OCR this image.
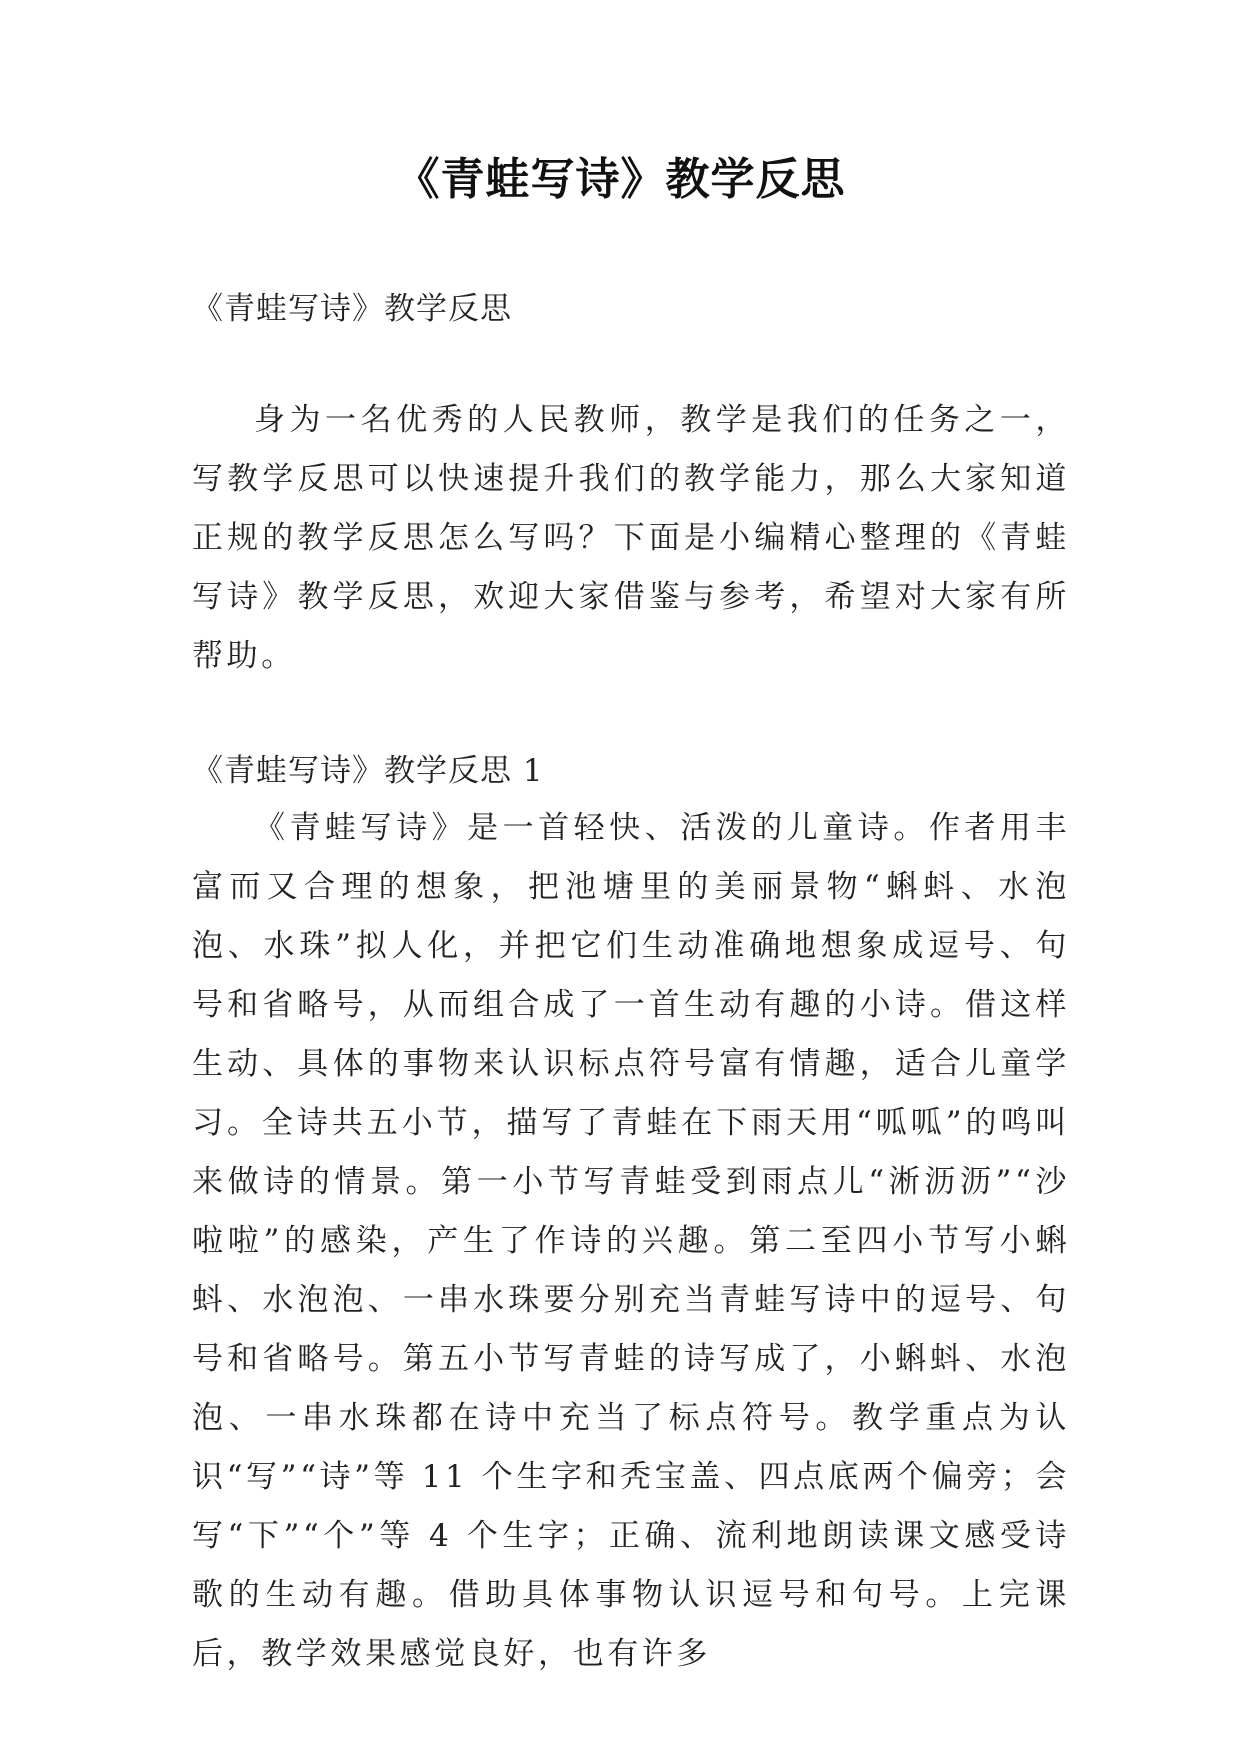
《青蛙写诗》教学反思

《青蛙写诗》教学反思

身为一名优秀的人民教师，教学是我们的任务之一，写教学反思可以快速提升我们的教学能力，那么大家知道正规的教学反思怎么写吗？下面是小编精心整理的《青蛙写诗》教学反思，欢迎大家借鉴与参考，希望对大家有所帮助。

《青蛙写诗》教学反思 1

《青蛙写诗》是一首轻快、活泼的儿童诗。作者用丰富而又合理的想象，把池塘里的美丽景物“蝌蚪、水泡泡、水珠”拟人化，并把它们生动准确地想象成逗号、句号和省略号，从而组合成了一首生动有趣的小诗。借这样生动、具体的事物来认识标点符号富有情趣，适合儿童学习。全诗共五小节，描写了青蛙在下雨天用“呱呱”的鸣叫来做诗的情景。第一小节写青蛙受到雨点儿“淅沥沥”“沙啦啦”的感染，产生了作诗的兴趣。第二至四小节写小蝌蚪、水泡泡、一串水珠要分别充当青蛙写诗中的逗号、句号和省略号。第五小节写青蛙的诗写成了，小蝌蚪、水泡泡、一串水珠都在诗中充当了标点符号。教学重点为认识“写”“诗”等 11 个生字和秃宝盖、四点底两个偏旁；会写“下”“个”等 4 个生字；正确、流利地朗读课文感受诗歌的生动有趣。借助具体事物认识逗号和句号。上完课后，教学效果感觉良好，也有许多
